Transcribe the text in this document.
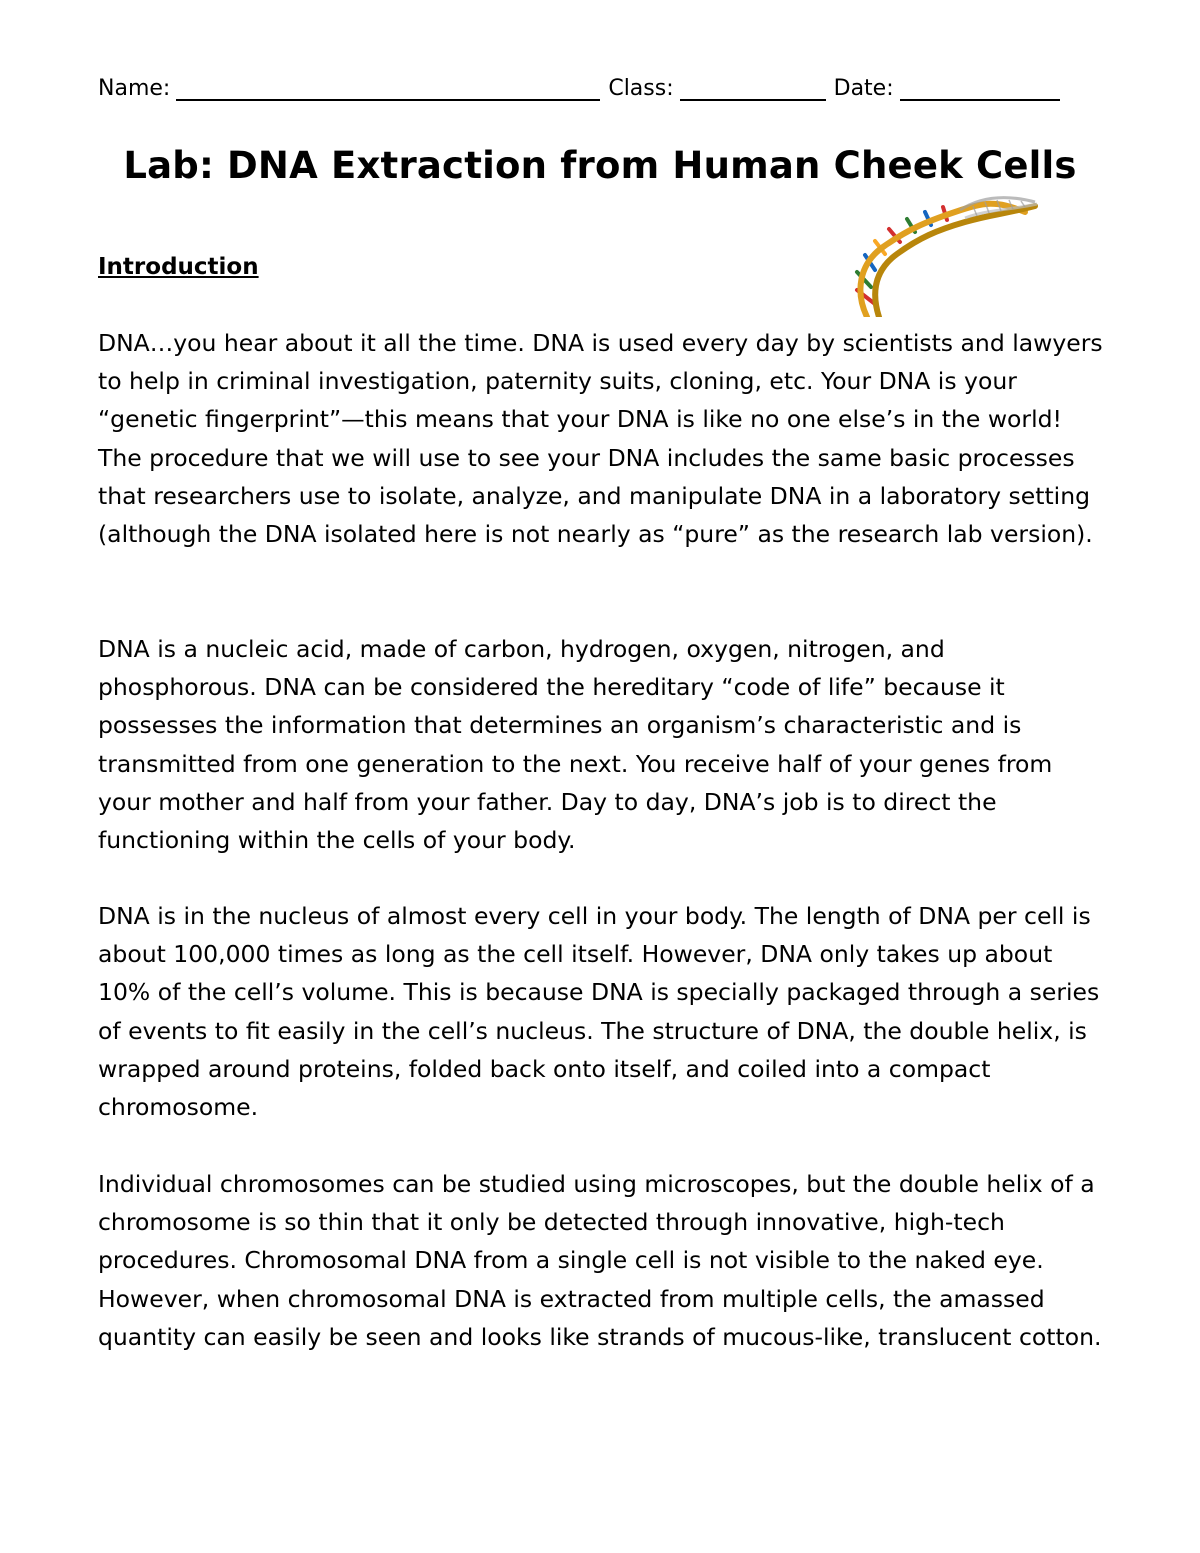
Name:	Class:	Date:
Lab: DNA Extraction from Human Cheek Cells
Introduction

DNA…you hear about it all the time. DNA is used every day by scientists and lawyers to help in criminal investigation, paternity suits, cloning, etc. Your DNA is your “genetic fingerprint”—this means that your DNA is like no one else’s in the world! The procedure that we will use to see your DNA includes the same basic processes that researchers use to isolate, analyze, and manipulate DNA in a laboratory setting (although the DNA isolated here is not nearly as “pure” as the research lab version).

DNA is a nucleic acid, made of carbon, hydrogen, oxygen, nitrogen, and phosphorous. DNA can be considered the hereditary “code of life” because it possesses the information that determines an organism’s characteristic and is transmitted from one generation to the next. You receive half of your genes from your mother and half from your father. Day to day, DNA’s job is to direct the functioning within the cells of your body.

DNA is in the nucleus of almost every cell in your body. The length of DNA per cell is about 100,000 times as long as the cell itself. However, DNA only takes up about 10% of the cell’s volume. This is because DNA is specially packaged through a series of events to fit easily in the cell’s nucleus. The structure of DNA, the double helix, is wrapped around proteins, folded back onto itself, and coiled into a compact chromosome.

Individual chromosomes can be studied using microscopes, but the double helix of a chromosome is so thin that it only be detected through innovative, high-tech procedures. Chromosomal DNA from a single cell is not visible to the naked eye. However, when chromosomal DNA is extracted from multiple cells, the amassed quantity can easily be seen and looks like strands of mucous-like, translucent cotton.
